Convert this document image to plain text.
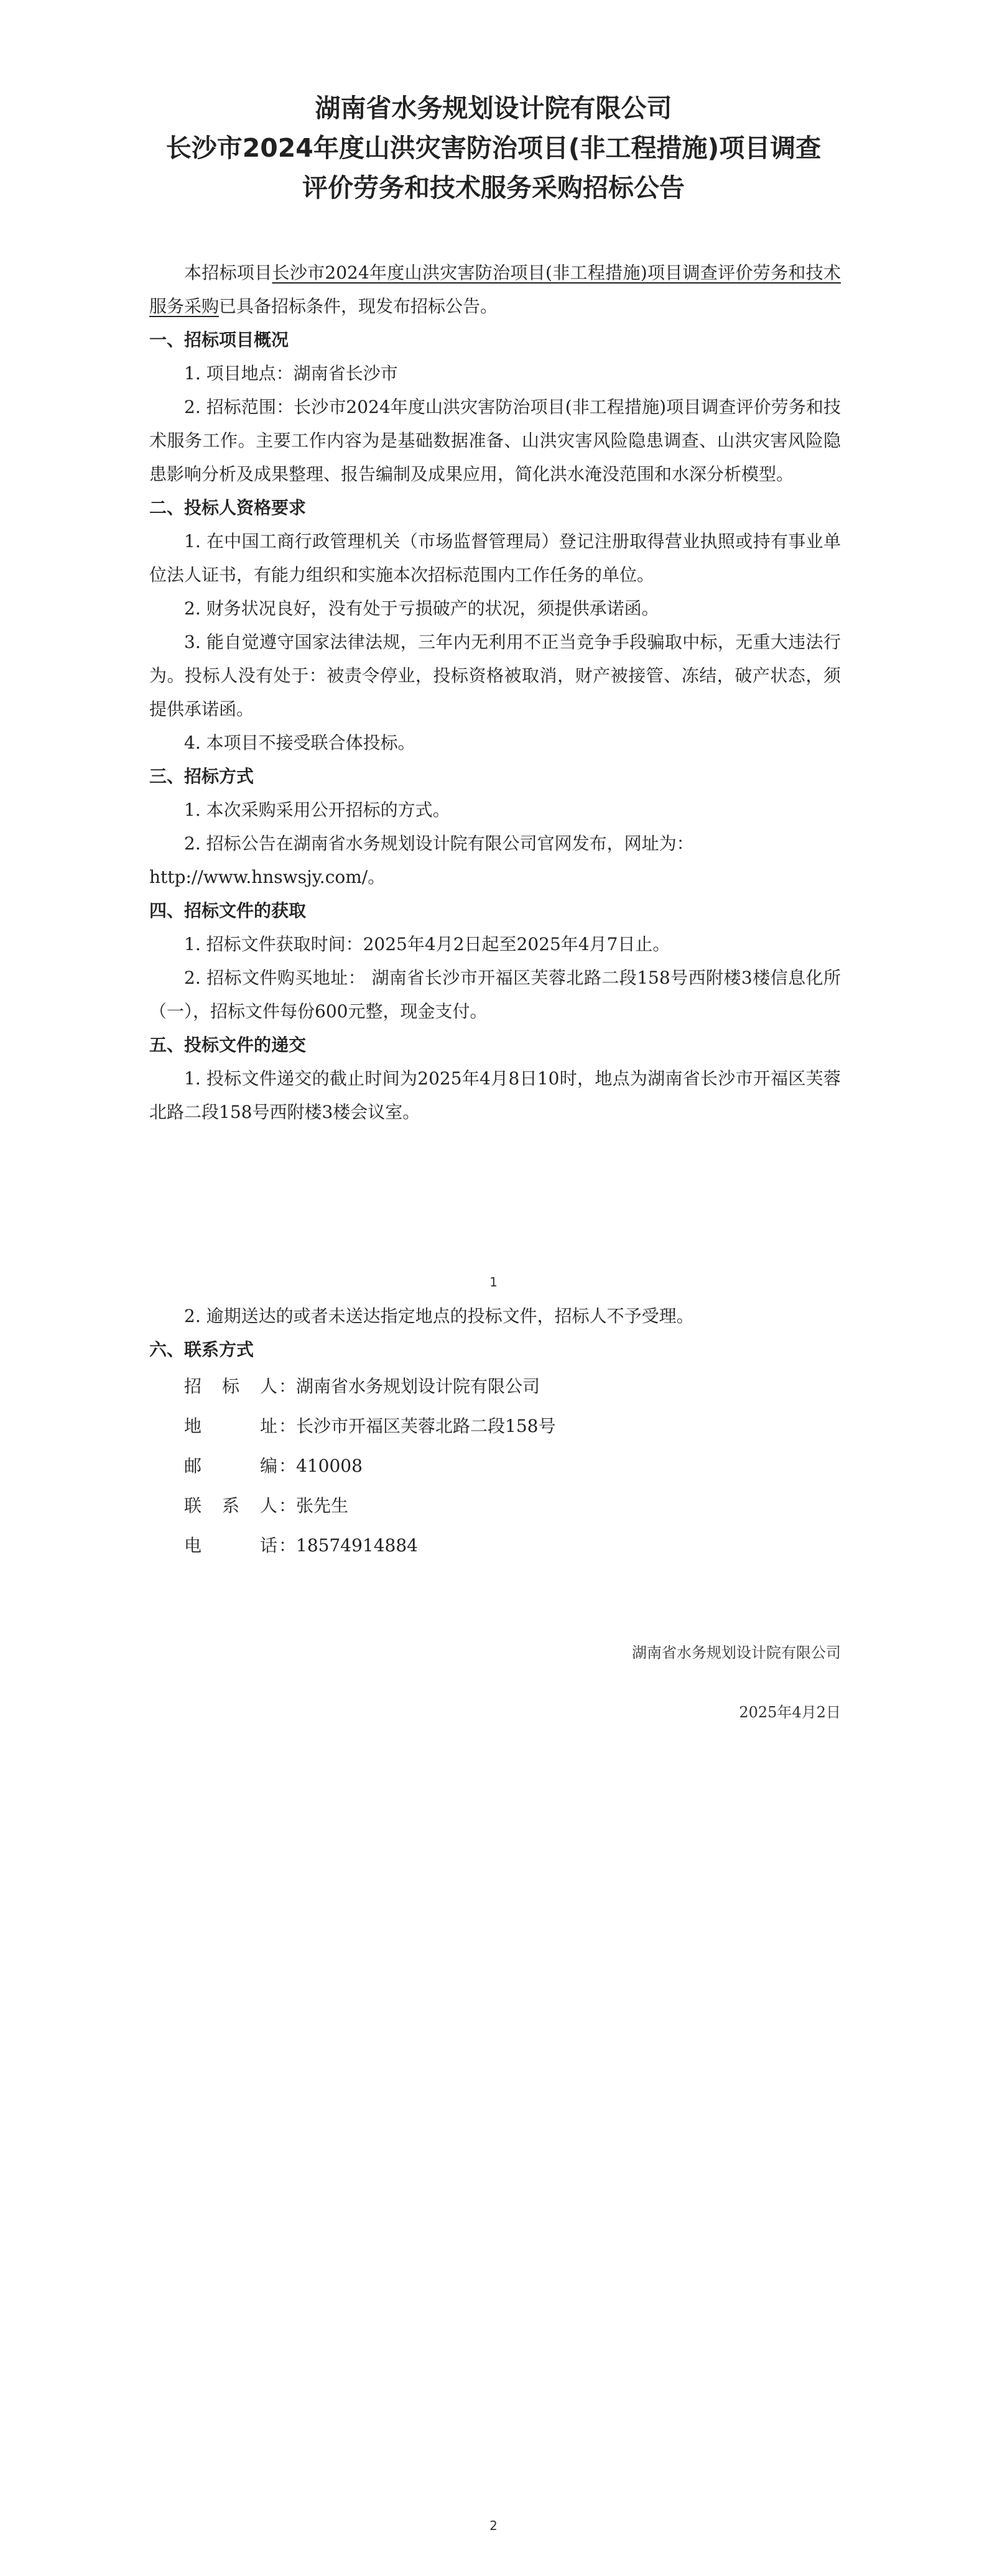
湖南省水务规划设计院有限公司
长沙市2024年度山洪灾害防治项目(非工程措施)项目调查
评价劳务和技术服务采购招标公告

本招标项目长沙市2024年度山洪灾害防治项目(非工程措施)项目调查评价劳务和技术服务采购已具备招标条件，现发布招标公告。

一、招标项目概况

1. 项目地点：湖南省长沙市

2. 招标范围：长沙市2024年度山洪灾害防治项目(非工程措施)项目调查评价劳务和技术服务工作。主要工作内容为是基础数据准备、山洪灾害风险隐患调查、山洪灾害风险隐患影响分析及成果整理、报告编制及成果应用，简化洪水淹没范围和水深分析模型。

二、投标人资格要求

1. 在中国工商行政管理机关（市场监督管理局）登记注册取得营业执照或持有事业单位法人证书，有能力组织和实施本次招标范围内工作任务的单位。

2. 财务状况良好，没有处于亏损破产的状况，须提供承诺函。

3. 能自觉遵守国家法律法规，三年内无利用不正当竞争手段骗取中标，无重大违法行为。投标人没有处于：被责令停业，投标资格被取消，财产被接管、冻结，破产状态，须提供承诺函。

4. 本项目不接受联合体投标。

三、招标方式

1. 本次采购采用公开招标的方式。

2. 招标公告在湖南省水务规划设计院有限公司官网发布，网址为：

http://www.hnswsjy.com/。

四、招标文件的获取

1. 招标文件获取时间：2025年4月2日起至2025年4月7日止。

2. 招标文件购买地址： 湖南省长沙市开福区芙蓉北路二段158号西附楼3楼信息化所（一），招标文件每份600元整，现金支付。

五、投标文件的递交

1. 投标文件递交的截止时间为2025年4月8日10时，地点为湖南省长沙市开福区芙蓉北路二段158号西附楼3楼会议室。

1

2. 逾期送达的或者未送达指定地点的投标文件，招标人不予受理。

六、联系方式

招 标 人 ： 湖南省水务规划设计院有限公司

地 址 ： 长沙市开福区芙蓉北路二段158号

邮 编 ： 410008

联 系 人 ： 张先生

电 话 ： 18574914884

湖南省水务规划设计院有限公司
2025年4月2日
2
